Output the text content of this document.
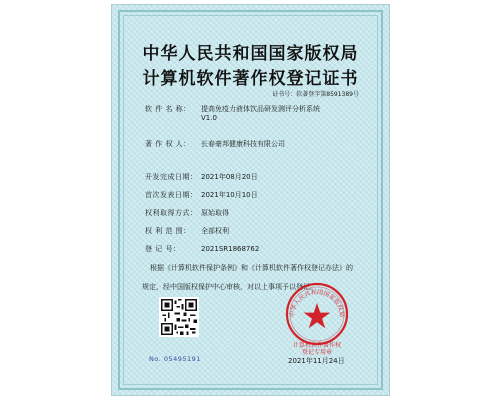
中华人民共和国国家版权局
计算机软件著作权登记证书
证书号：软著登字第8591389号
软 件 名 称： 提高免疫力液体饮品研发测评分析系统
V1.0
著 作 权 人： 长春豪邦健康科技有限公司
开发完成日期： 2021年08月20日
首次发表日期： 2021年10月10日
权利取得方式： 原始取得
权 利 范 围： 全部权利
登 记 号：	2021SR1868762
根据《计算机软件保护条例》和《计算机软件著作权登记办法》的
规定，经中国版权保护中心审核，对以上事项予以登记。
No. 05495191
中华人民共和国国家版权局
计算机软件著作权
登记专用章
2021年11月24日
